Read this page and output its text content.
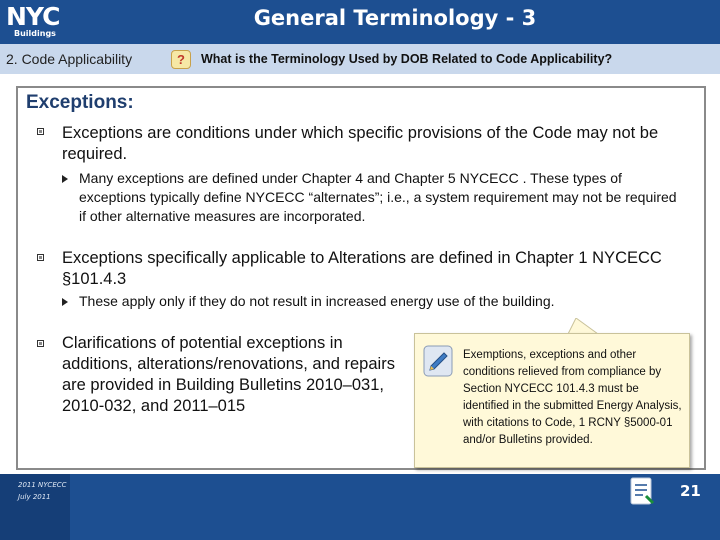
NYC
Buildings
General Terminology - 3
2. Code Applicability	?	What is the Terminology Used by DOB Related to Code Applicability?
Exceptions:
Exceptions are conditions under which specific provisions of the Code may not be required.
Many exceptions are defined under Chapter 4 and Chapter 5 NYCECC . These types of exceptions typically define NYCECC “alternates”; i.e., a system requirement may not be required if other alternative measures are incorporated.
Exceptions specifically applicable to Alterations are defined in Chapter 1 NYCECC §101.4.3
These apply only if they do not result in increased energy use of the building.
Clarifications of potential exceptions in additions, alterations/renovations, and repairs are provided in Building Bulletins 2010–031, 2010-032, and 2011–015
Exemptions, exceptions and other conditions relieved from compliance by Section NYCECC 101.4.3 must be identified in the submitted Energy Analysis, with citations to Code, 1 RCNY §5000-01 and/or Bulletins provided.
2011 NYCECC
July 2011	21
